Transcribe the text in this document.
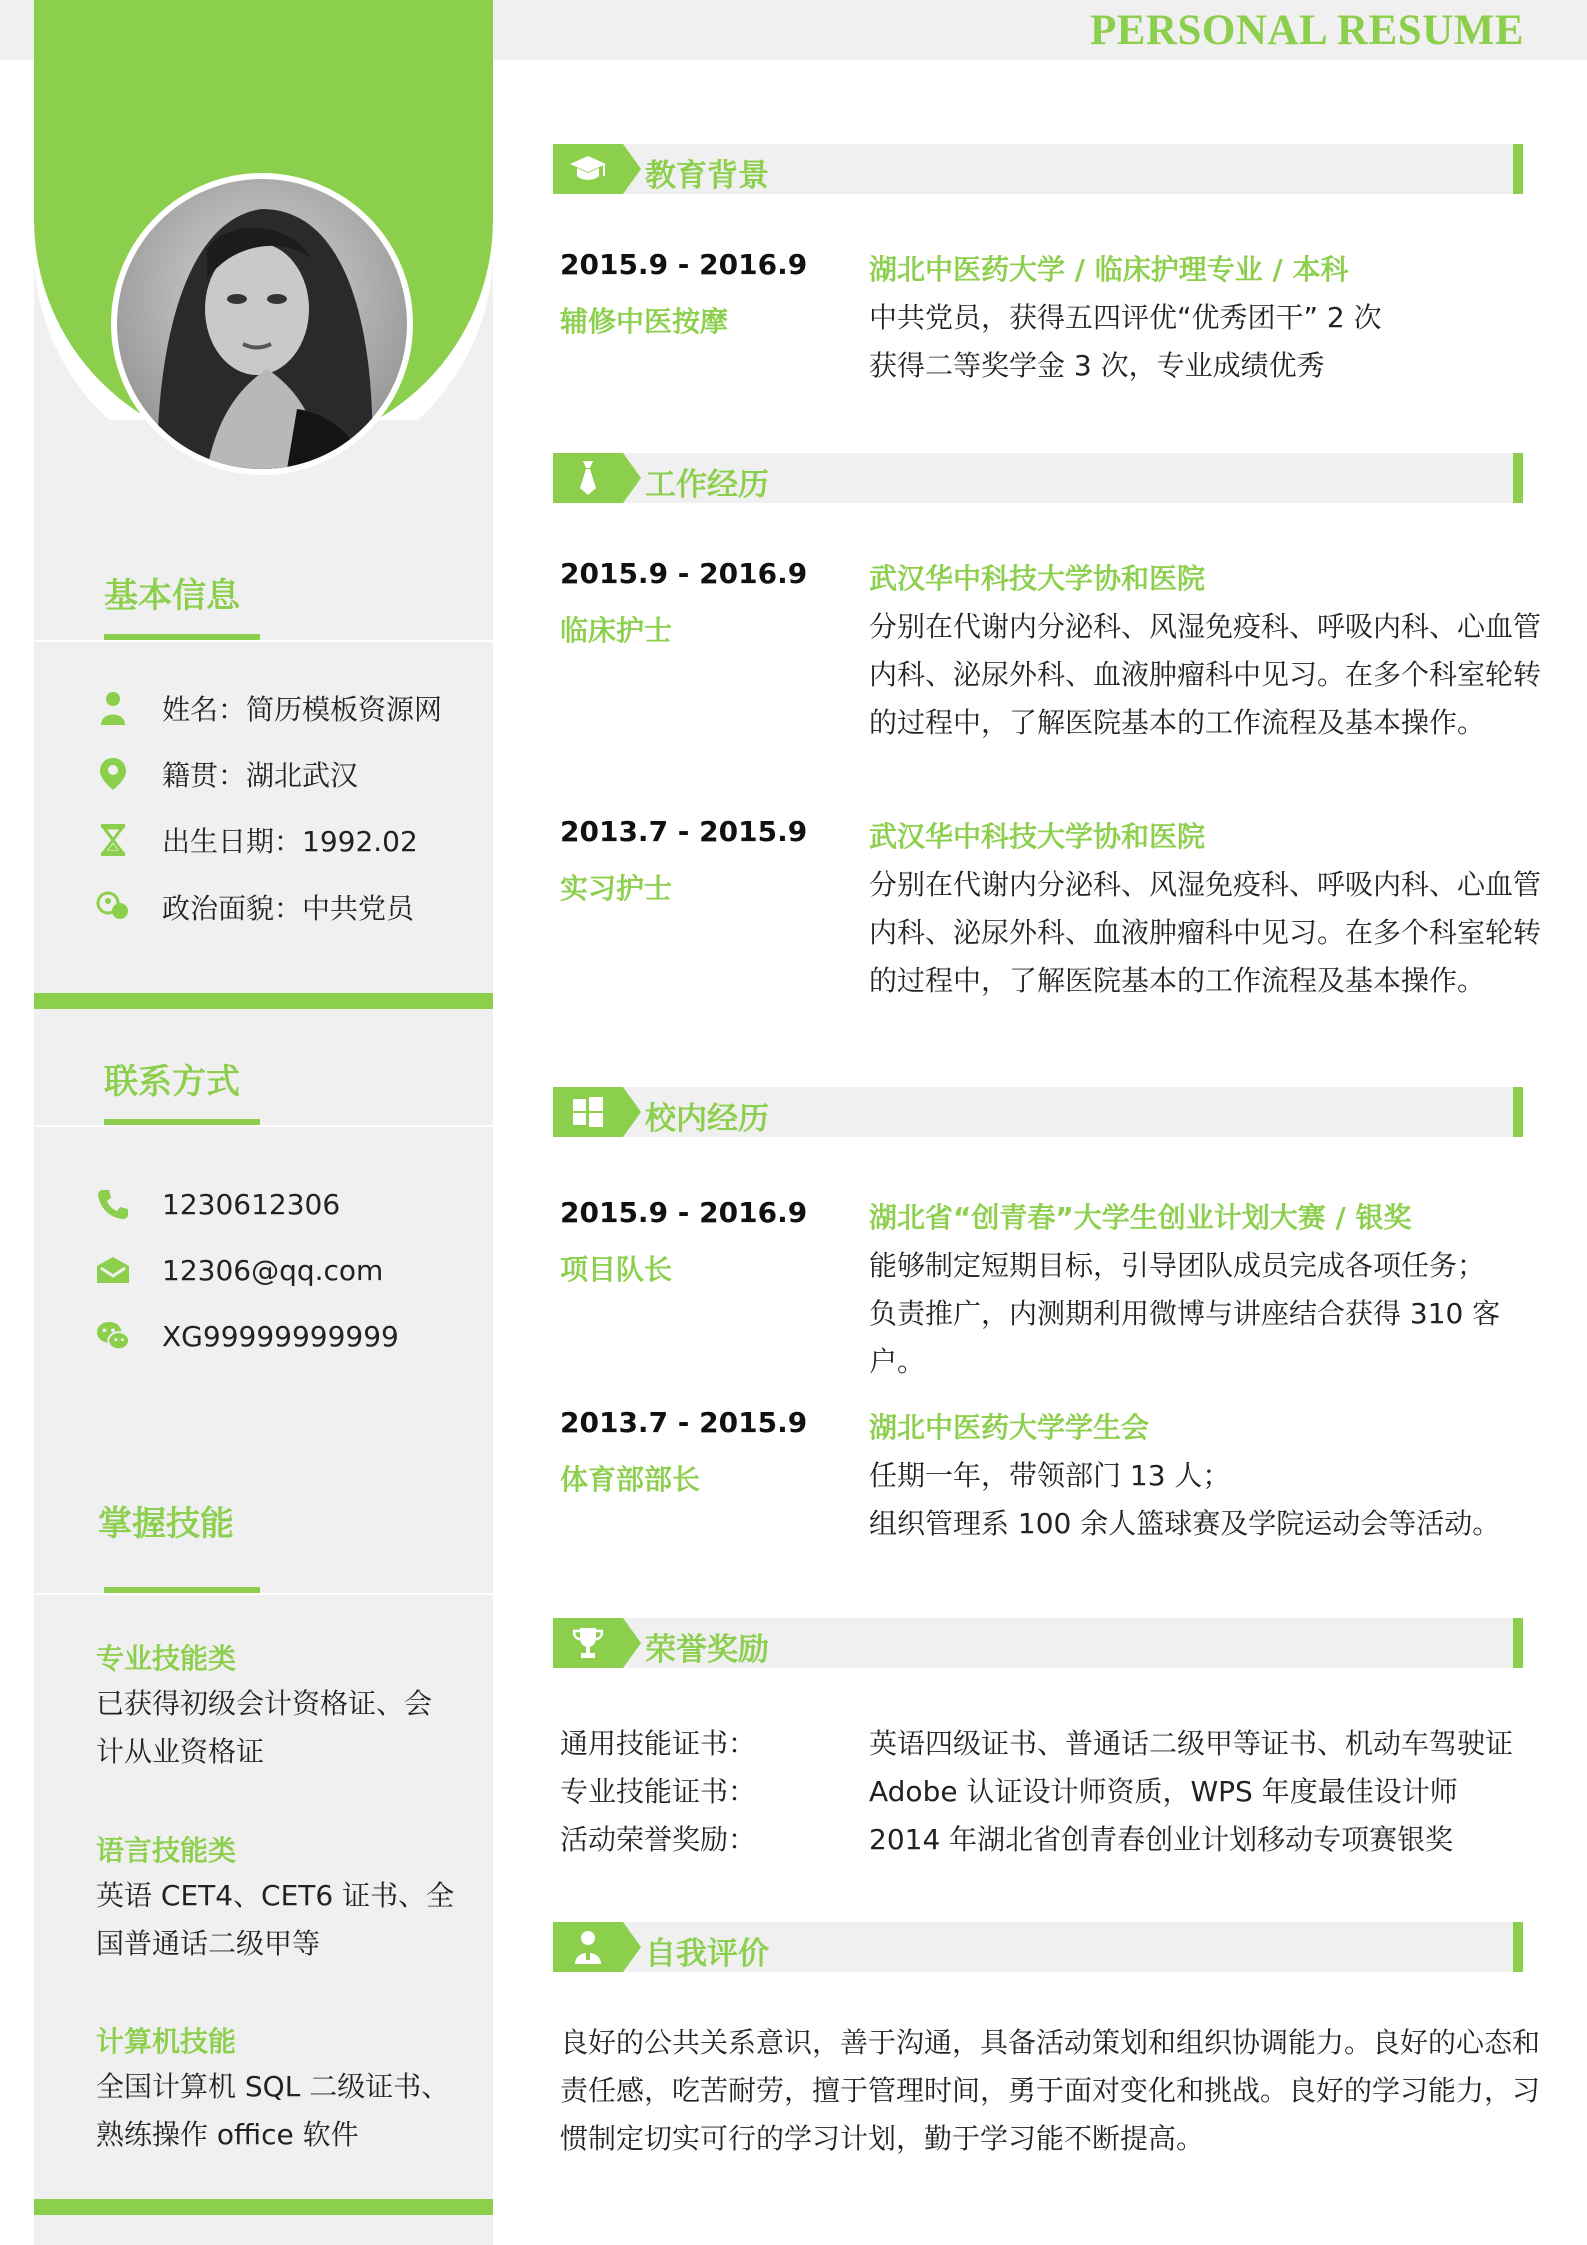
PERSONAL RESUME
基本信息
姓名：简历模板资源网
籍贯：湖北武汉
出生日期：1992.02
政治面貌：中共党员
联系方式
1230612306
12306@qq.com
XG99999999999
掌握技能
专业技能类
已获得初级会计资格证、会计从业资格证
语言技能类
英语 CET4、CET6 证书、全国普通话二级甲等
计算机技能
全国计算机 SQL 二级证书、熟练操作 office 软件
教育背景
2015.9 - 2016.9
辅修中医按摩
湖北中医药大学 / 临床护理专业 / 本科
中共党员，获得五四评优“优秀团干” 2 次
获得二等奖学金 3 次，专业成绩优秀
工作经历
2015.9 - 2016.9
临床护士
武汉华中科技大学协和医院
分别在代谢内分泌科、风湿免疫科、呼吸内科、心血管
内科、泌尿外科、血液肿瘤科中见习。在多个科室轮转
的过程中，了解医院基本的工作流程及基本操作。
2013.7 - 2015.9
实习护士
武汉华中科技大学协和医院
分别在代谢内分泌科、风湿免疫科、呼吸内科、心血管
内科、泌尿外科、血液肿瘤科中见习。在多个科室轮转
的过程中，了解医院基本的工作流程及基本操作。
校内经历
2015.9 - 2016.9
项目队长
湖北省“创青春”大学生创业计划大赛 / 银奖
能够制定短期目标，引导团队成员完成各项任务；
负责推广，内测期利用微博与讲座结合获得 310 客户。
2013.7 - 2015.9
体育部部长
湖北中医药大学学生会
任期一年，带领部门 13 人；
组织管理系 100 余人篮球赛及学院运动会等活动。
荣誉奖励
通用技能证书：	英语四级证书、普通话二级甲等证书、机动车驾驶证
专业技能证书：	Adobe 认证设计师资质，WPS 年度最佳设计师
活动荣誉奖励：	2014 年湖北省创青春创业计划移动专项赛银奖
自我评价
良好的公共关系意识，善于沟通，具备活动策划和组织协调能力。良好的心态和
责任感，吃苦耐劳，擅于管理时间，勇于面对变化和挑战。良好的学习能力，习
惯制定切实可行的学习计划，勤于学习能不断提高。
